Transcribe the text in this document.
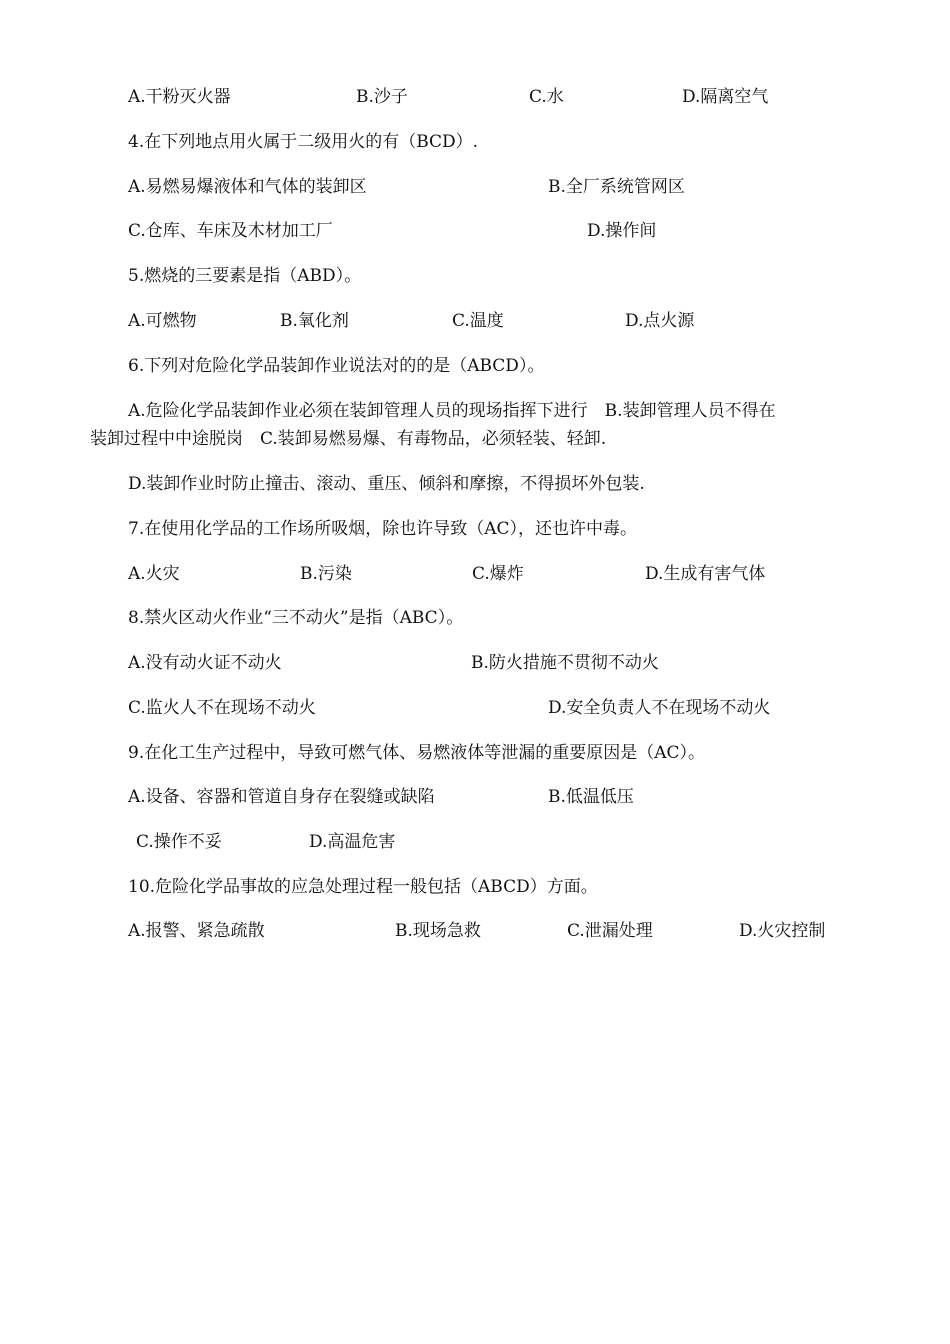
A.干粉灭火器	B.沙子	C.水	D.隔离空气
4.在下列地点用火属于二级用火的有（BCD）.
A.易燃易爆液体和气体的装卸区	B.全厂系统管网区
C.仓库、车床及木材加工厂	D.操作间
5.燃烧的三要素是指（ABD）。
A.可燃物	B.氧化剂	C.温度	D.点火源
6.下列对危险化学品装卸作业说法对的的是（ABCD）。
A.危险化学品装卸作业必须在装卸管理人员的现场指挥下进行　B.装卸管理人员不得在
装卸过程中中途脱岗　C.装卸易燃易爆、有毒物品，必须轻装、轻卸.
D.装卸作业时防止撞击、滚动、重压、倾斜和摩擦，不得损坏外包装.
7.在使用化学品的工作场所吸烟，除也许导致（AC），还也许中毒。
A.火灾	B.污染	C.爆炸	D.生成有害气体
8.禁火区动火作业“三不动火”是指（ABC）。
A.没有动火证不动火	B.防火措施不贯彻不动火
C.监火人不在现场不动火	D.安全负责人不在现场不动火
9.在化工生产过程中，导致可燃气体、易燃液体等泄漏的重要原因是（AC）。
A.设备、容器和管道自身存在裂缝或缺陷	B.低温低压
C.操作不妥	D.高温危害
10.危险化学品事故的应急处理过程一般包括（ABCD）方面。
A.报警、紧急疏散	B.现场急救	C.泄漏处理	D.火灾控制
